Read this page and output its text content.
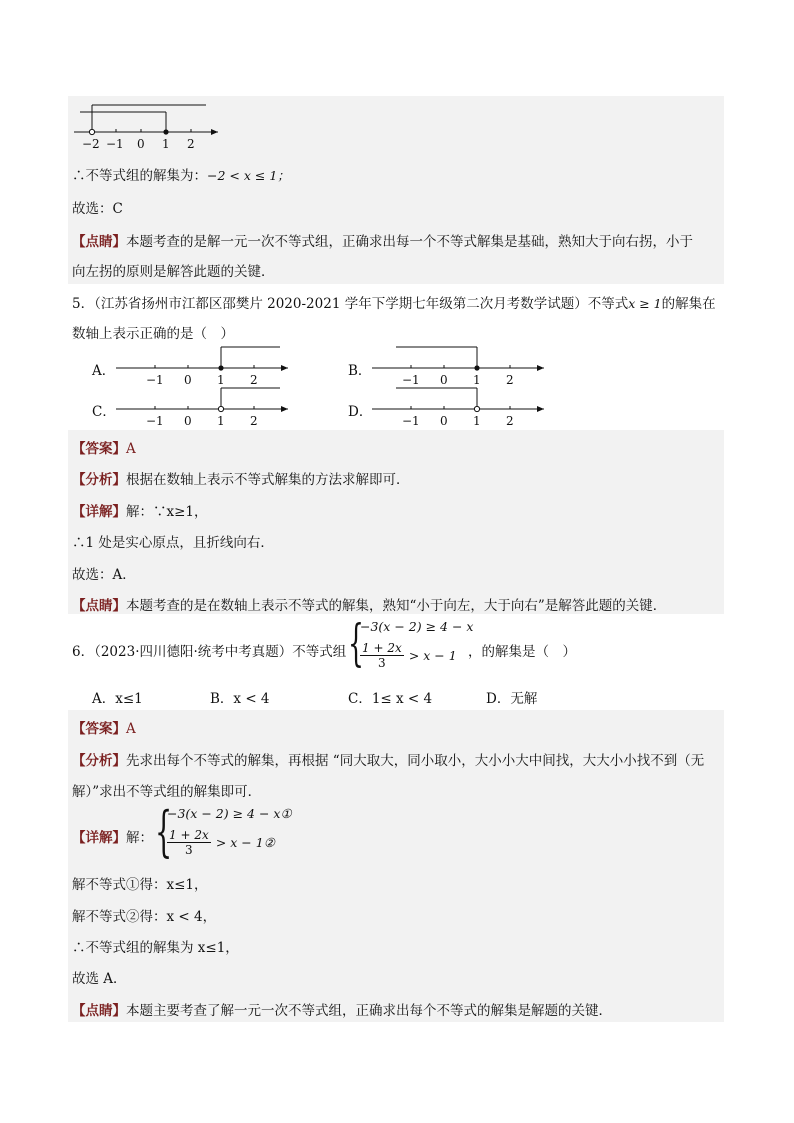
−2 −1 0 1 2
∴不等式组的解集为：−2 < x ≤ 1；
故选：C
【点睛】本题考查的是解一元一次不等式组，正确求出每一个不等式解集是基础，熟知大于向右拐，小于
向左拐的原则是解答此题的关键．
5．（江苏省扬州市江都区邵樊片 2020-2021 学年下学期七年级第二次月考数学试题）不等式x ≥ 1的解集在
数轴上表示正确的是（　）
A．
−1 0 1 2
B．
−1 0 1 2
C．
−1 0 1 2
D．
−1 0 1 2
【答案】A
【分析】根据在数轴上表示不等式解集的方法求解即可．
【详解】解：∵x≥1，
∴1 处是实心原点，且折线向右．
故选：A．
【点睛】本题考查的是在数轴上表示不等式的解集，熟知“小于向左，大于向右”是解答此题的关键．
6．（2023·四川德阳·统考中考真题）不等式组 {
−3(x − 2) ≥ 4 − x
$\frac{1 + 2x}{3} > x - 1$ ，的解集是（　）
A．x≤1	B．x < 4	C．1≤ x < 4	D．无解
【答案】A
【分析】先求出每个不等式的解集，再根据 “同大取大，同小取小，大小小大中间找，大大小小找不到（无
解）”求出不等式组的解集即可．
【详解】解： {
−3(x − 2) ≥ 4 − x①
$\frac{1 + 2x}{3} > x$ − 1②
解不等式①得：x≤1，
解不等式②得：x < 4，
∴不等式组的解集为 x≤1，
故选 A．
【点睛】本题主要考查了解一元一次不等式组，正确求出每个不等式的解集是解题的关键．
